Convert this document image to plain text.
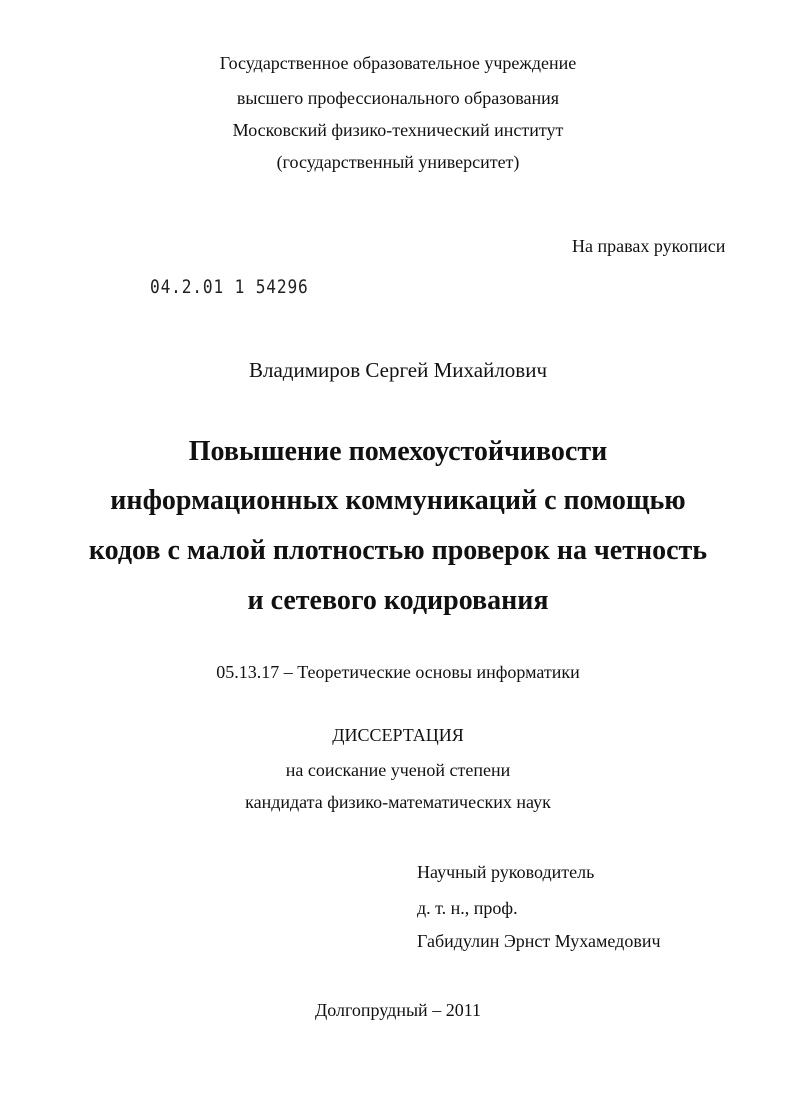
Государственное образовательное учреждение
высшего профессионального образования
Московский физико-технический институт
(государственный университет)
На правах рукописи
04.2.01 1 54296
Владимиров Сергей Михайлович
Повышение помехоустойчивости
информационных коммуникаций с помощью
кодов с малой плотностью проверок на четность
и сетевого кодирования
05.13.17 – Теоретические основы информатики
ДИССЕРТАЦИЯ
на соискание ученой степени
кандидата физико-математических наук
Научный руководитель
д. т. н., проф.
Габидулин Эрнст Мухамедович
Долгопрудный – 2011
